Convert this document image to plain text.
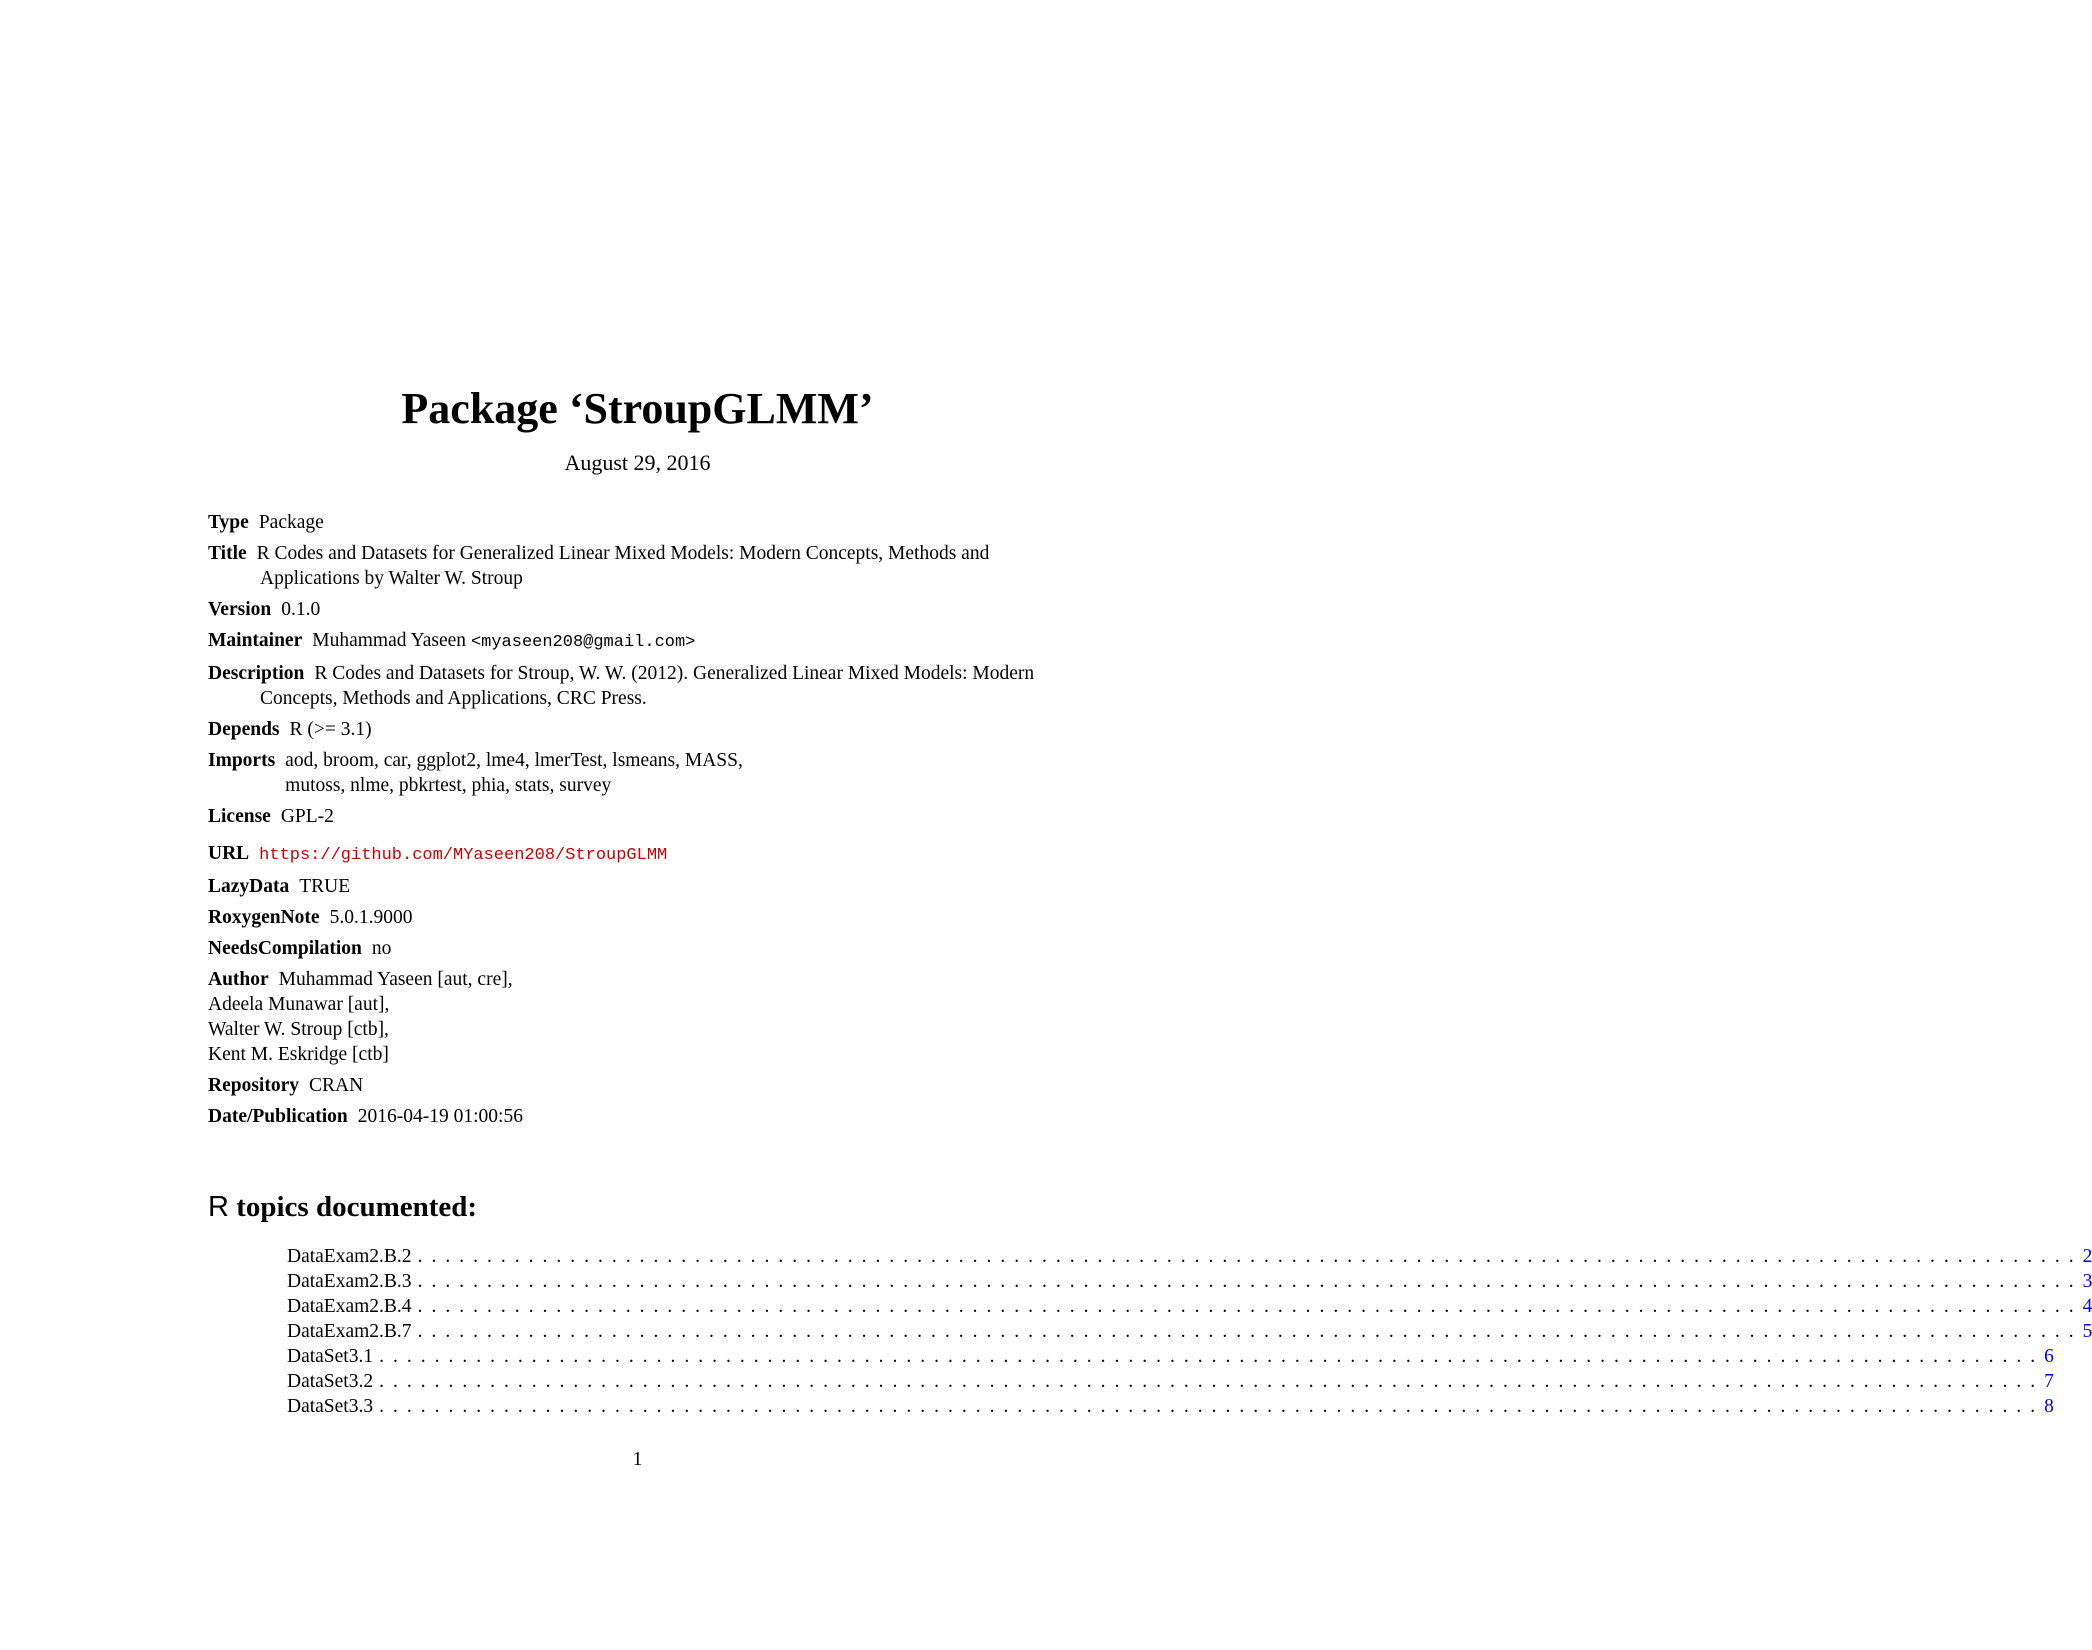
Package ‘StroupGLMM’
August 29, 2016
Type Package
Title R Codes and Datasets for Generalized Linear Mixed Models: Modern Concepts, Methods and Applications by Walter W. Stroup
Version 0.1.0
Maintainer Muhammad Yaseen <myaseen208@gmail.com>
Description R Codes and Datasets for Stroup, W. W. (2012). Generalized Linear Mixed Models: Modern Concepts, Methods and Applications, CRC Press.
Depends R (>= 3.1)
Imports aod, broom, car, ggplot2, lme4, lmerTest, lsmeans, MASS, mutoss, nlme, pbkrtest, phia, stats, survey
License GPL-2
URL https://github.com/MYaseen208/StroupGLMM
LazyData TRUE
RoxygenNote 5.0.1.9000
NeedsCompilation no
Author Muhammad Yaseen [aut, cre],
Adeela Munawar [aut],
Walter W. Stroup [ctb],
Kent M. Eskridge [ctb]
Repository CRAN
Date/Publication 2016-04-19 01:00:56
R topics documented:
DataExam2.B.2 ........................................................................................................................ 2
DataExam2.B.3 ........................................................................................................................ 3
DataExam2.B.4 ........................................................................................................................ 4
DataExam2.B.7 ........................................................................................................................ 5
DataSet3.1 ........................................................................................................................ 6
DataSet3.2 ........................................................................................................................ 7
DataSet3.3 ........................................................................................................................ 8
1
